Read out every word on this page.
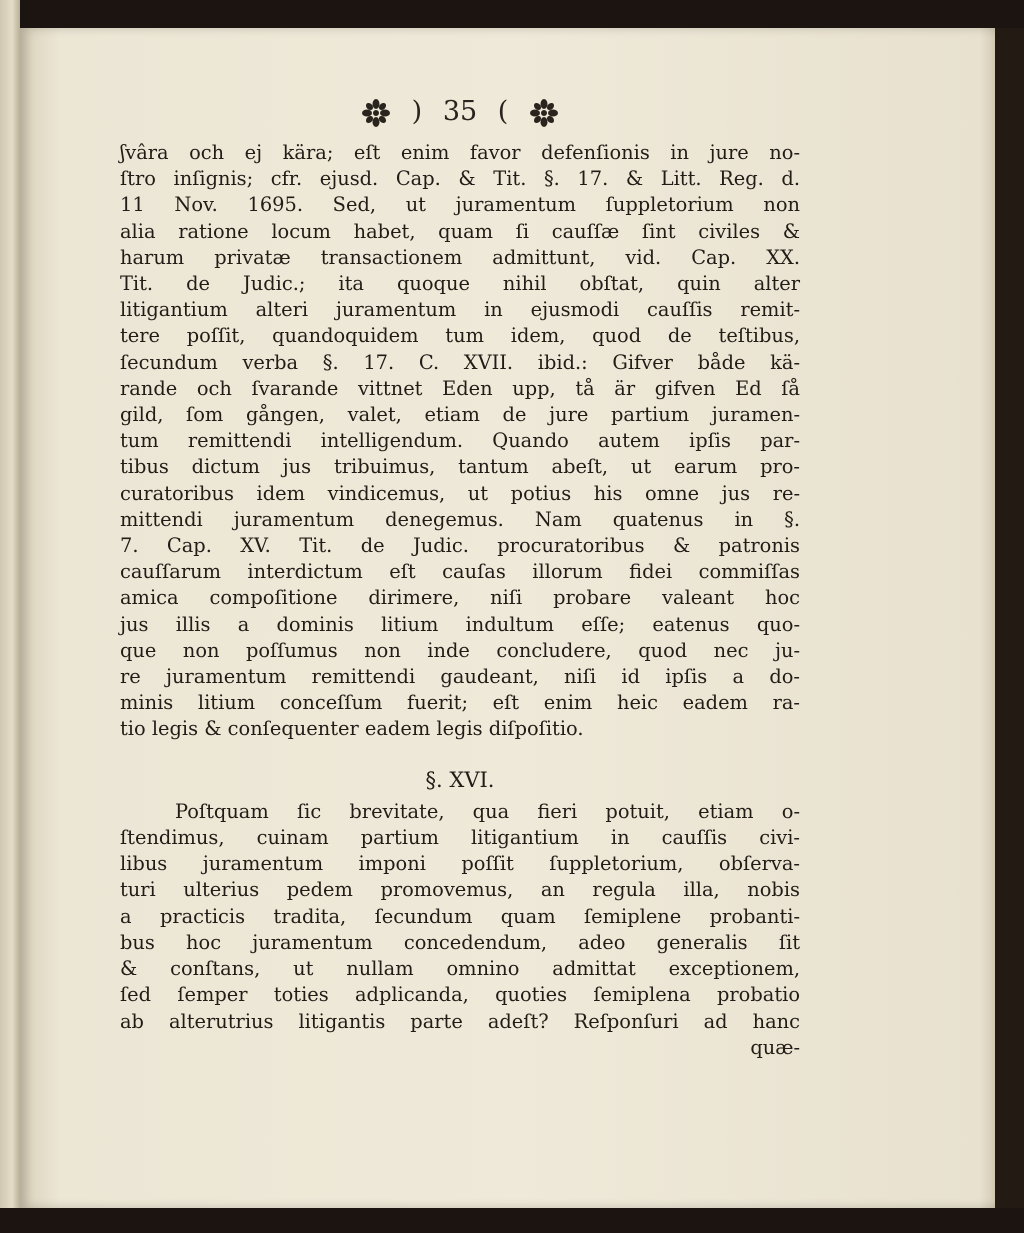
) 35 (
ʃvâra och ej kära; eſt enim favor defenſionis in jure no-
ſtro inſignis; cfr. ejusd. Cap. & Tit. §. 17. & Litt. Reg. d.
11 Nov. 1695. Sed, ut juramentum ſuppletorium non
alia ratione locum habet, quam ſi cauſſæ ſint civiles &
harum privatæ transactionem admittunt, vid. Cap. XX.
Tit. de Judic.; ita quoque nihil obſtat, quin alter
litigantium alteri juramentum in ejusmodi cauſſis remit-
tere poſſit, quandoquidem tum idem, quod de teſtibus,
ſecundum verba §. 17. C. XVII. ibid.: Gifver både kä-
rande och ſvarande vittnet Eden upp, tå är gifven Ed ſå
gild, ſom gången, valet, etiam de jure partium juramen-
tum remittendi intelligendum. Quando autem ipſis par-
tibus dictum jus tribuimus, tantum abeſt, ut earum pro-
curatoribus idem vindicemus, ut potius his omne jus re-
mittendi juramentum denegemus. Nam quatenus in §.
7. Cap. XV. Tit. de Judic. procuratoribus & patronis
cauſſarum interdictum eſt cauſas illorum fidei commiſſas
amica compoſitione dirimere, niſi probare valeant hoc
jus illis a dominis litium indultum eſſe; eatenus quo-
que non poſſumus non inde concludere, quod nec ju-
re juramentum remittendi gaudeant, niſi id ipſis a do-
minis litium conceſſum fuerit; eſt enim heic eadem ra-
tio legis & conſequenter eadem legis diſpoſitio.
§. XVI.
Poſtquam ſic brevitate, qua fieri potuit, etiam o-
ſtendimus, cuinam partium litigantium in cauſſis civi-
libus juramentum imponi poſſit ſuppletorium, obſerva-
turi ulterius pedem promovemus, an regula illa, nobis
a practicis tradita, ſecundum quam ſemiplene probanti-
bus hoc juramentum concedendum, adeo generalis ſit
& conſtans, ut nullam omnino admittat exceptionem,
ſed ſemper toties adplicanda, quoties ſemiplena probatio
ab alterutrius litigantis parte adeſt? Reſponſuri ad hanc
quæ-
